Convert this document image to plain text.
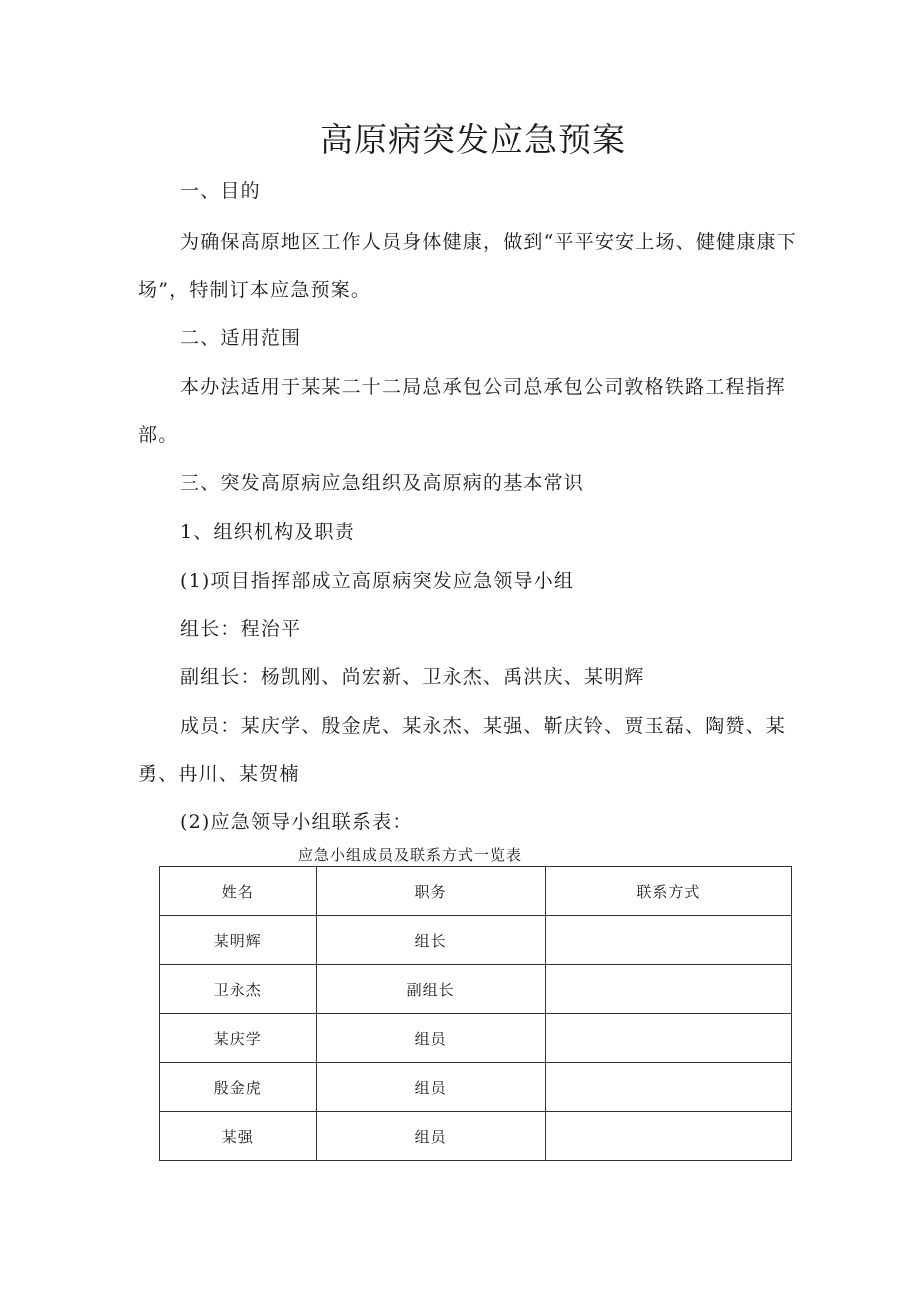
高原病突发应急预案

一、目的

为确保高原地区工作人员身体健康，做到“平平安安上场、健健康康下

场”，特制订本应急预案。

二、适用范围

本办法适用于某某二十二局总承包公司总承包公司敦格铁路工程指挥

部。

三、突发高原病应急组织及高原病的基本常识

1、组织机构及职责

(1)项目指挥部成立高原病突发应急领导小组

组长：程治平

副组长：杨凯刚、尚宏新、卫永杰、禹洪庆、某明辉

成员：某庆学、殷金虎、某永杰、某强、靳庆铃、贾玉磊、陶赞、某

勇、冉川、某贺楠

(2)应急领导小组联系表：

应急小组成员及联系方式一览表

姓名	职务	联系方式
某明辉	组长	
卫永杰	副组长	
某庆学	组员	
殷金虎	组员	
某强	组员	
